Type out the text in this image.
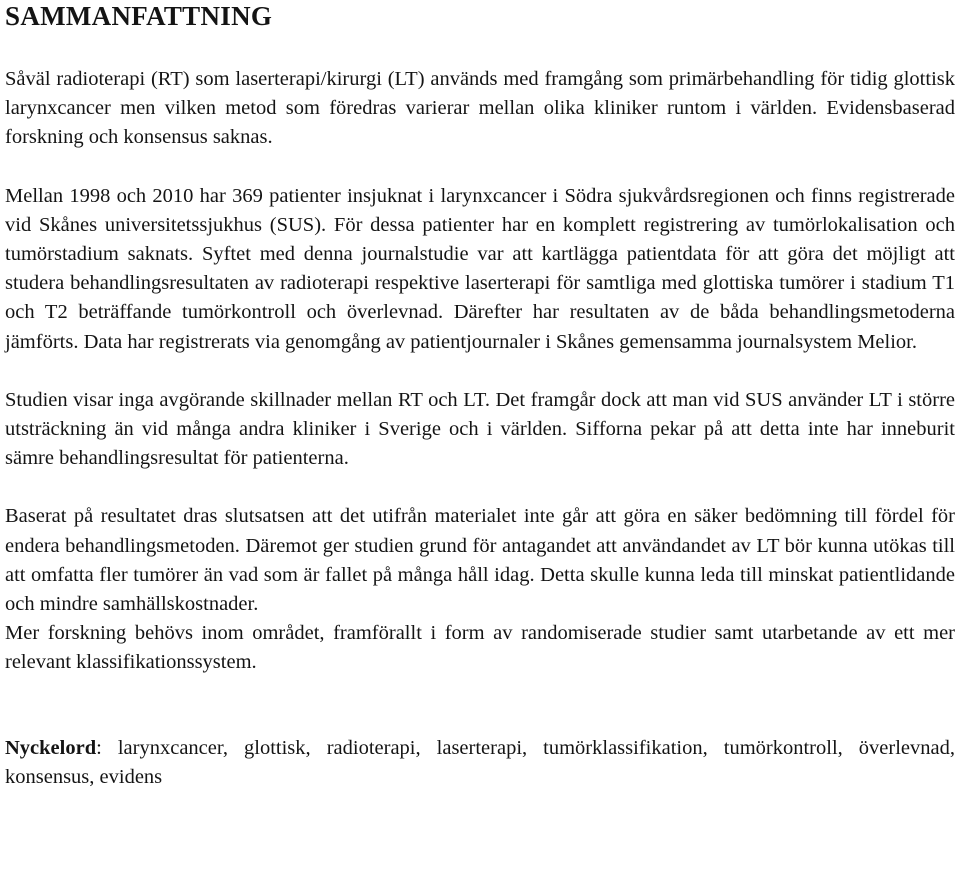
SAMMANFATTNING

Såväl radioterapi (RT) som laserterapi/kirurgi (LT) används med framgång som primärbehandling för tidig glottisk larynxcancer men vilken metod som föredras varierar mellan olika kliniker runtom i världen. Evidensbaserad forskning och konsensus saknas.

Mellan 1998 och 2010 har 369 patienter insjuknat i larynxcancer i Södra sjukvårdsregionen och finns registrerade vid Skånes universitetssjukhus (SUS). För dessa patienter har en komplett registrering av tumörlokalisation och tumörstadium saknats. Syftet med denna journalstudie var att kartlägga patientdata för att göra det möjligt att studera behandlingsresultaten av radioterapi respektive laserterapi för samtliga med glottiska tumörer i stadium T1 och T2 beträffande tumörkontroll och överlevnad. Därefter har resultaten av de båda behandlingsmetoderna jämförts. Data har registrerats via genomgång av patientjournaler i Skånes gemensamma journalsystem Melior.

Studien visar inga avgörande skillnader mellan RT och LT. Det framgår dock att man vid SUS använder LT i större utsträckning än vid många andra kliniker i Sverige och i världen. Sifforna pekar på att detta inte har inneburit sämre behandlingsresultat för patienterna.

Baserat på resultatet dras slutsatsen att det utifrån materialet inte går att göra en säker bedömning till fördel för endera behandlingsmetoden. Däremot ger studien grund för antagandet att användandet av LT bör kunna utökas till att omfatta fler tumörer än vad som är fallet på många håll idag. Detta skulle kunna leda till minskat patientlidande och mindre samhällskostnader.

Mer forskning behövs inom området, framförallt i form av randomiserade studier samt utarbetande av ett mer relevant klassifikationssystem.

Nyckelord: larynxcancer, glottisk, radioterapi, laserterapi, tumörklassifikation, tumörkontroll, överlevnad, konsensus, evidens
